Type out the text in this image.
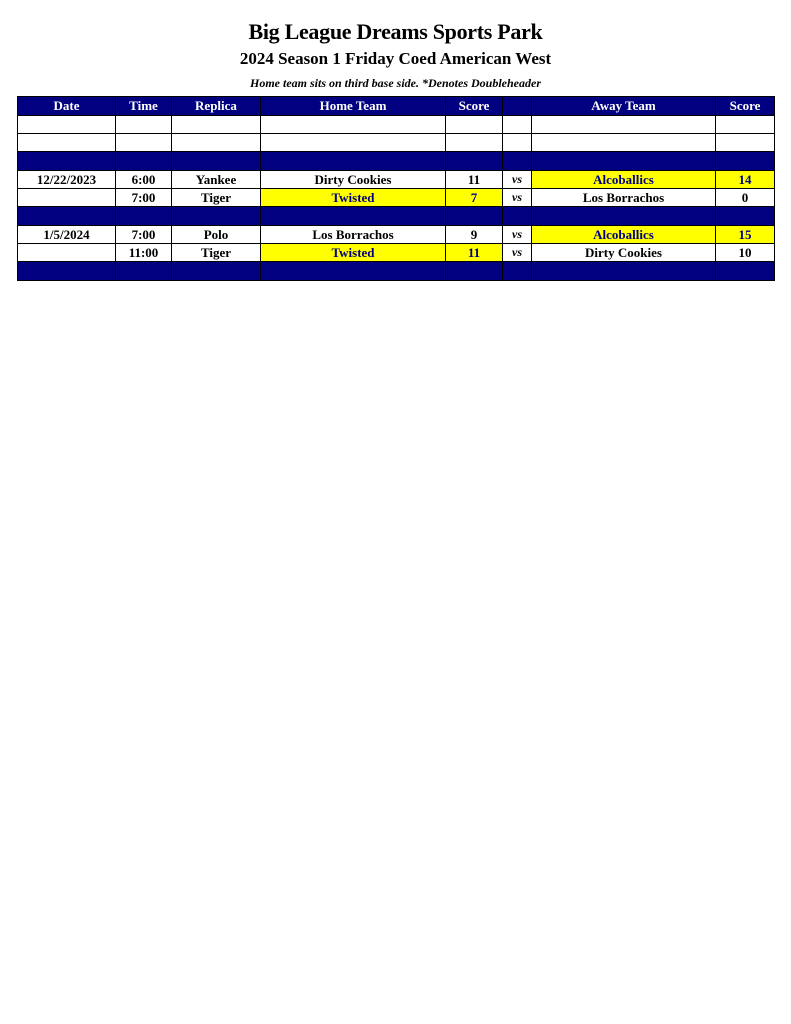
Big League Dreams Sports Park
2024 Season 1 Friday Coed American West
Home team sits on third base side. *Denotes Doubleheader
Date	Time	Replica	Home Team	Score		Away Team	Score

12/22/2023	6:00	Yankee	Dirty Cookies	11	vs	Alcoballics	14
	7:00	Tiger	Twisted	7	vs	Los Borrachos	0

1/5/2024	7:00	Polo	Los Borrachos	9	vs	Alcoballics	15
	11:00	Tiger	Twisted	11	vs	Dirty Cookies	10
